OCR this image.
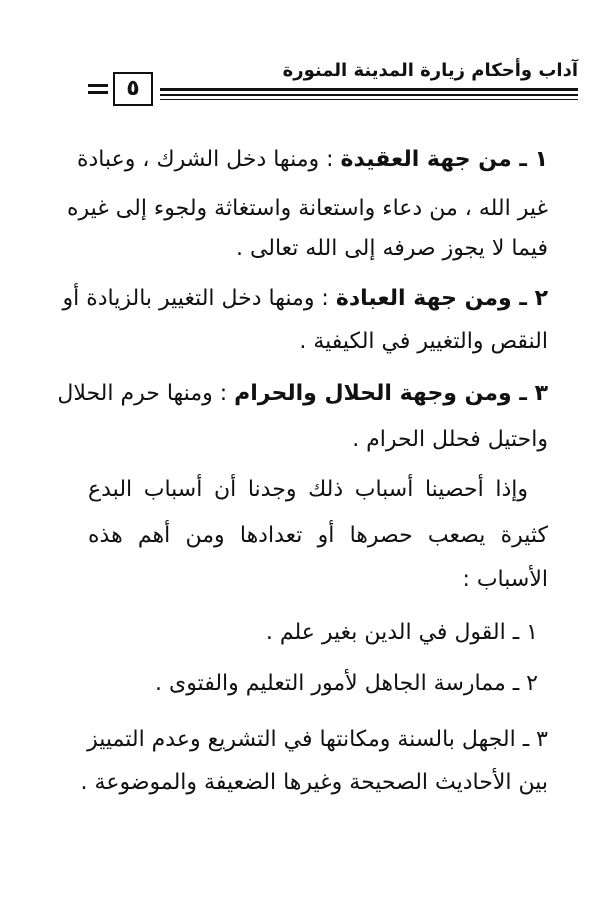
آداب وأحكام زيارة المدينة المنورة
٥
١ ـ من جهة العقيدة : ومنها دخل الشرك ، وعبادة
غير الله ، من دعاء واستعانة واستغاثة ولجوء إلى غيره
فيما لا يجوز صرفه إلى الله تعالى .
٢ ـ ومن جهة العبادة : ومنها دخل التغيير بالزيادة أو
النقص والتغيير في الكيفية .
٣ ـ ومن وجهة الحلال والحرام : ومنها حرم الحلال
واحتيل فحلل الحرام .
وإذا أحصينا أسباب ذلك وجدنا أن أسباب البدع
كثيرة يصعب حصرها أو تعدادها ومن أهم هذه
الأسباب :
١ ـ القول في الدين بغير علم .
٢ ـ ممارسة الجاهل لأمور التعليم والفتوى .
٣ ـ الجهل بالسنة ومكانتها في التشريع وعدم التمييز
بين الأحاديث الصحيحة وغيرها الضعيفة والموضوعة .
